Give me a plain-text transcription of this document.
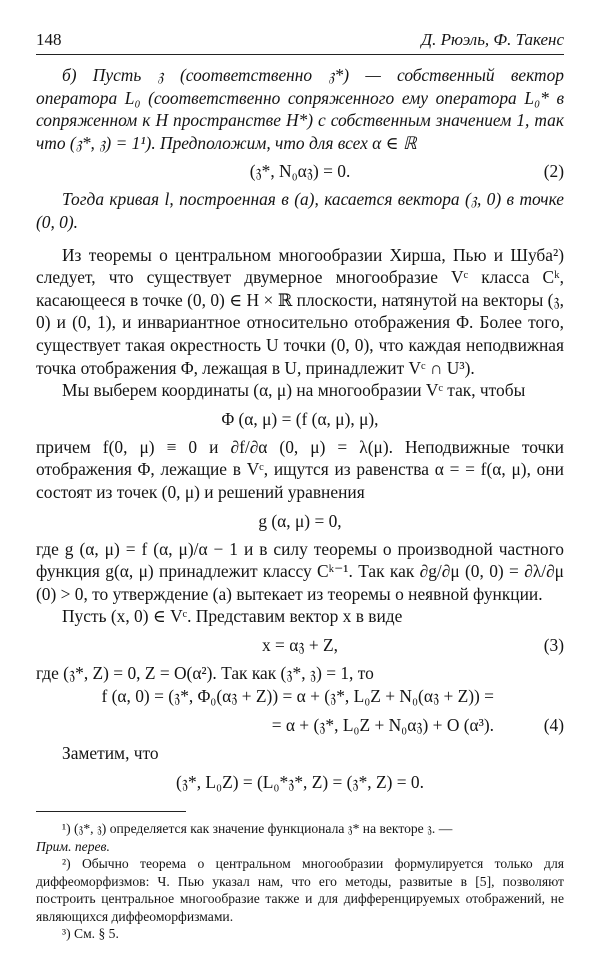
148	Д. Рюэль, Ф. Такенс

б) Пусть 𝔷 (соответственно 𝔷*) — собственный вектор оператора L₀ (соответственно сопряженного ему оператора L₀* в сопряженном к H пространстве H*) с собственным значением 1, так что (𝔷*, 𝔷) = 1¹). Предположим, что для всех α ∈ ℝ

(𝔷*, N₀α𝔷) = 0.	(2)

Тогда кривая l, построенная в (а), касается вектора (𝔷, 0) в точке (0, 0).

Из теоремы о центральном многообразии Хирша, Пью и Шуба²) следует, что существует двумерное многообразие Vᶜ класса Cᵏ, касающееся в точке (0, 0) ∈ H × ℝ плоскости, натянутой на векторы (𝔷, 0) и (0, 1), и инвариантное относительно отображения Φ. Более того, существует такая окрестность U точки (0, 0), что каждая неподвижная точка отображения Φ, лежащая в U, принадлежит Vᶜ ∩ U³).

Мы выберем координаты (α, μ) на многообразии Vᶜ так, чтобы

Φ (α, μ) = (f (α, μ), μ),

причем f(0, μ) ≡ 0 и ∂f/∂α (0, μ) = λ(μ). Неподвижные точки отображения Φ, лежащие в Vᶜ, ищутся из равенства α = = f(α, μ), они состоят из точек (0, μ) и решений уравнения

g (α, μ) = 0,

где g (α, μ) = f (α, μ)/α − 1 и в силу теоремы о производной частного функция g(α, μ) принадлежит классу Cᵏ⁻¹. Так как ∂g/∂μ (0, 0) = ∂λ/∂μ (0) > 0, то утверждение (а) вытекает из теоремы о неявной функции.

Пусть (x, 0) ∈ Vᶜ. Представим вектор x в виде

x = α𝔷 + Z,	(3)

где (𝔷*, Z) = 0, Z = O(α²). Так как (𝔷*, 𝔷) = 1, то

f (α, 0) = (𝔷*, Φ₀(α𝔷 + Z)) = α + (𝔷*, L₀Z + N₀(α𝔷 + Z)) =
= α + (𝔷*, L₀Z + N₀α𝔷) + O (α³).	(4)

Заметим, что

(𝔷*, L₀Z) = (L₀*𝔷*, Z) = (𝔷*, Z) = 0.

¹) (𝔷*, 𝔷) определяется как значение функционала 𝔷* на векторе 𝔷. —

Прим. перев.

²) Обычно теорема о центральном многообразии формулируется только для диффеоморфизмов: Ч. Пью указал нам, что его методы, развитые в [5], позволяют построить центральное многообразие также и для дифференцируемых отображений, не являющихся диффеоморфизмами.

³) См. § 5.
